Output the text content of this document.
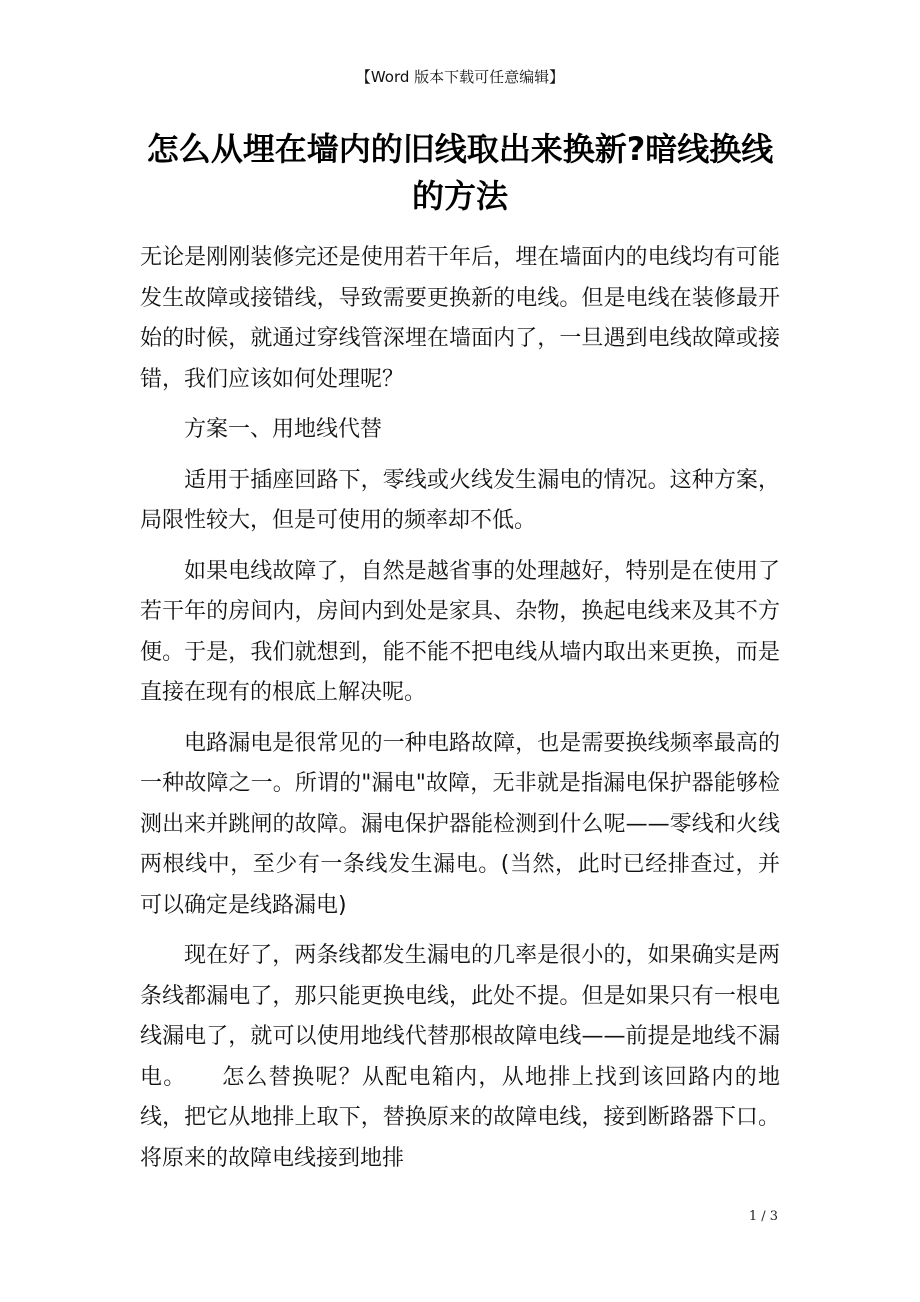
【Word 版本下载可任意编辑】
怎么从埋在墙内的旧线取出来换新?暗线换线的方法

无论是刚刚装修完还是使用若干年后，埋在墙面内的电线均有可能发生故障或接错线，导致需要更换新的电线。但是电线在装修最开始的时候，就通过穿线管深埋在墙面内了，一旦遇到电线故障或接错，我们应该如何处理呢？

方案一、用地线代替

适用于插座回路下，零线或火线发生漏电的情况。这种方案，局限性较大，但是可使用的频率却不低。

如果电线故障了，自然是越省事的处理越好，特别是在使用了若干年的房间内，房间内到处是家具、杂物，换起电线来及其不方便。于是，我们就想到，能不能不把电线从墙内取出来更换，而是直接在现有的根底上解决呢。

电路漏电是很常见的一种电路故障，也是需要换线频率最高的一种故障之一。所谓的"漏电"故障，无非就是指漏电保护器能够检测出来并跳闸的故障。漏电保护器能检测到什么呢——零线和火线两根线中，至少有一条线发生漏电。(当然，此时已经排查过，并可以确定是线路漏电)

现在好了，两条线都发生漏电的几率是很小的，如果确实是两条线都漏电了，那只能更换电线，此处不提。但是如果只有一根电线漏电了，就可以使用地线代替那根故障电线——前提是地线不漏电。　　怎么替换呢？从配电箱内，从地排上找到该回路内的地线，把它从地排上取下，替换原来的故障电线，接到断路器下口。将原来的故障电线接到地排

1 / 3
